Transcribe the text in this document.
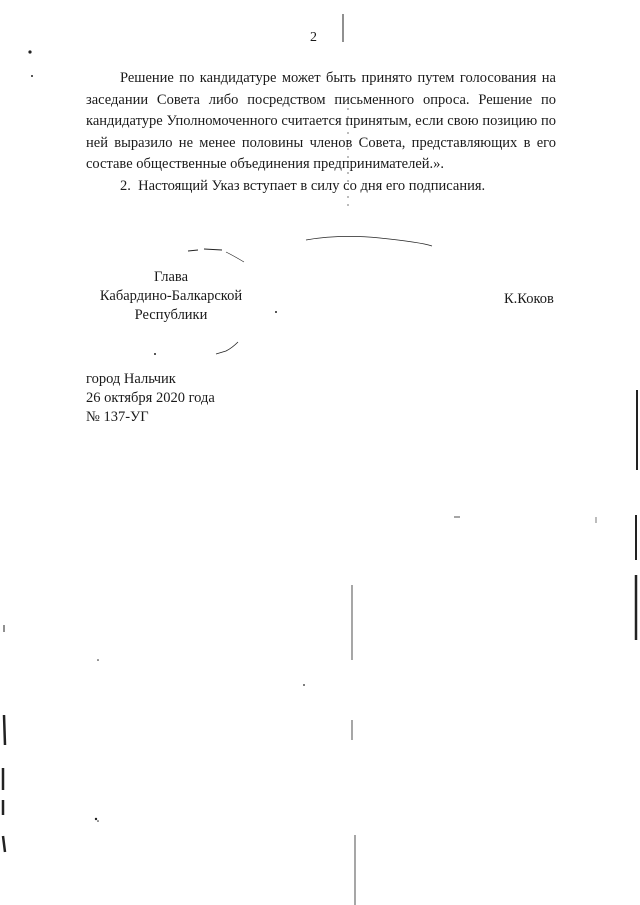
2

Решение по кандидатуре может быть принято путем голосования на заседании Совета либо посредством письменного опроса. Решение по кандидатуре Уполномоченного считается принятым, если свою позицию по ней выразило не менее половины членов Совета, представляющих в его составе общественные объединения предпринимателей.».

2.  Настоящий Указ вступает в силу со дня его подписания.

Глава
Кабардино-Балкарской
Республики
К.Коков
город Нальчик
26 октября 2020 года
№ 137-УГ
